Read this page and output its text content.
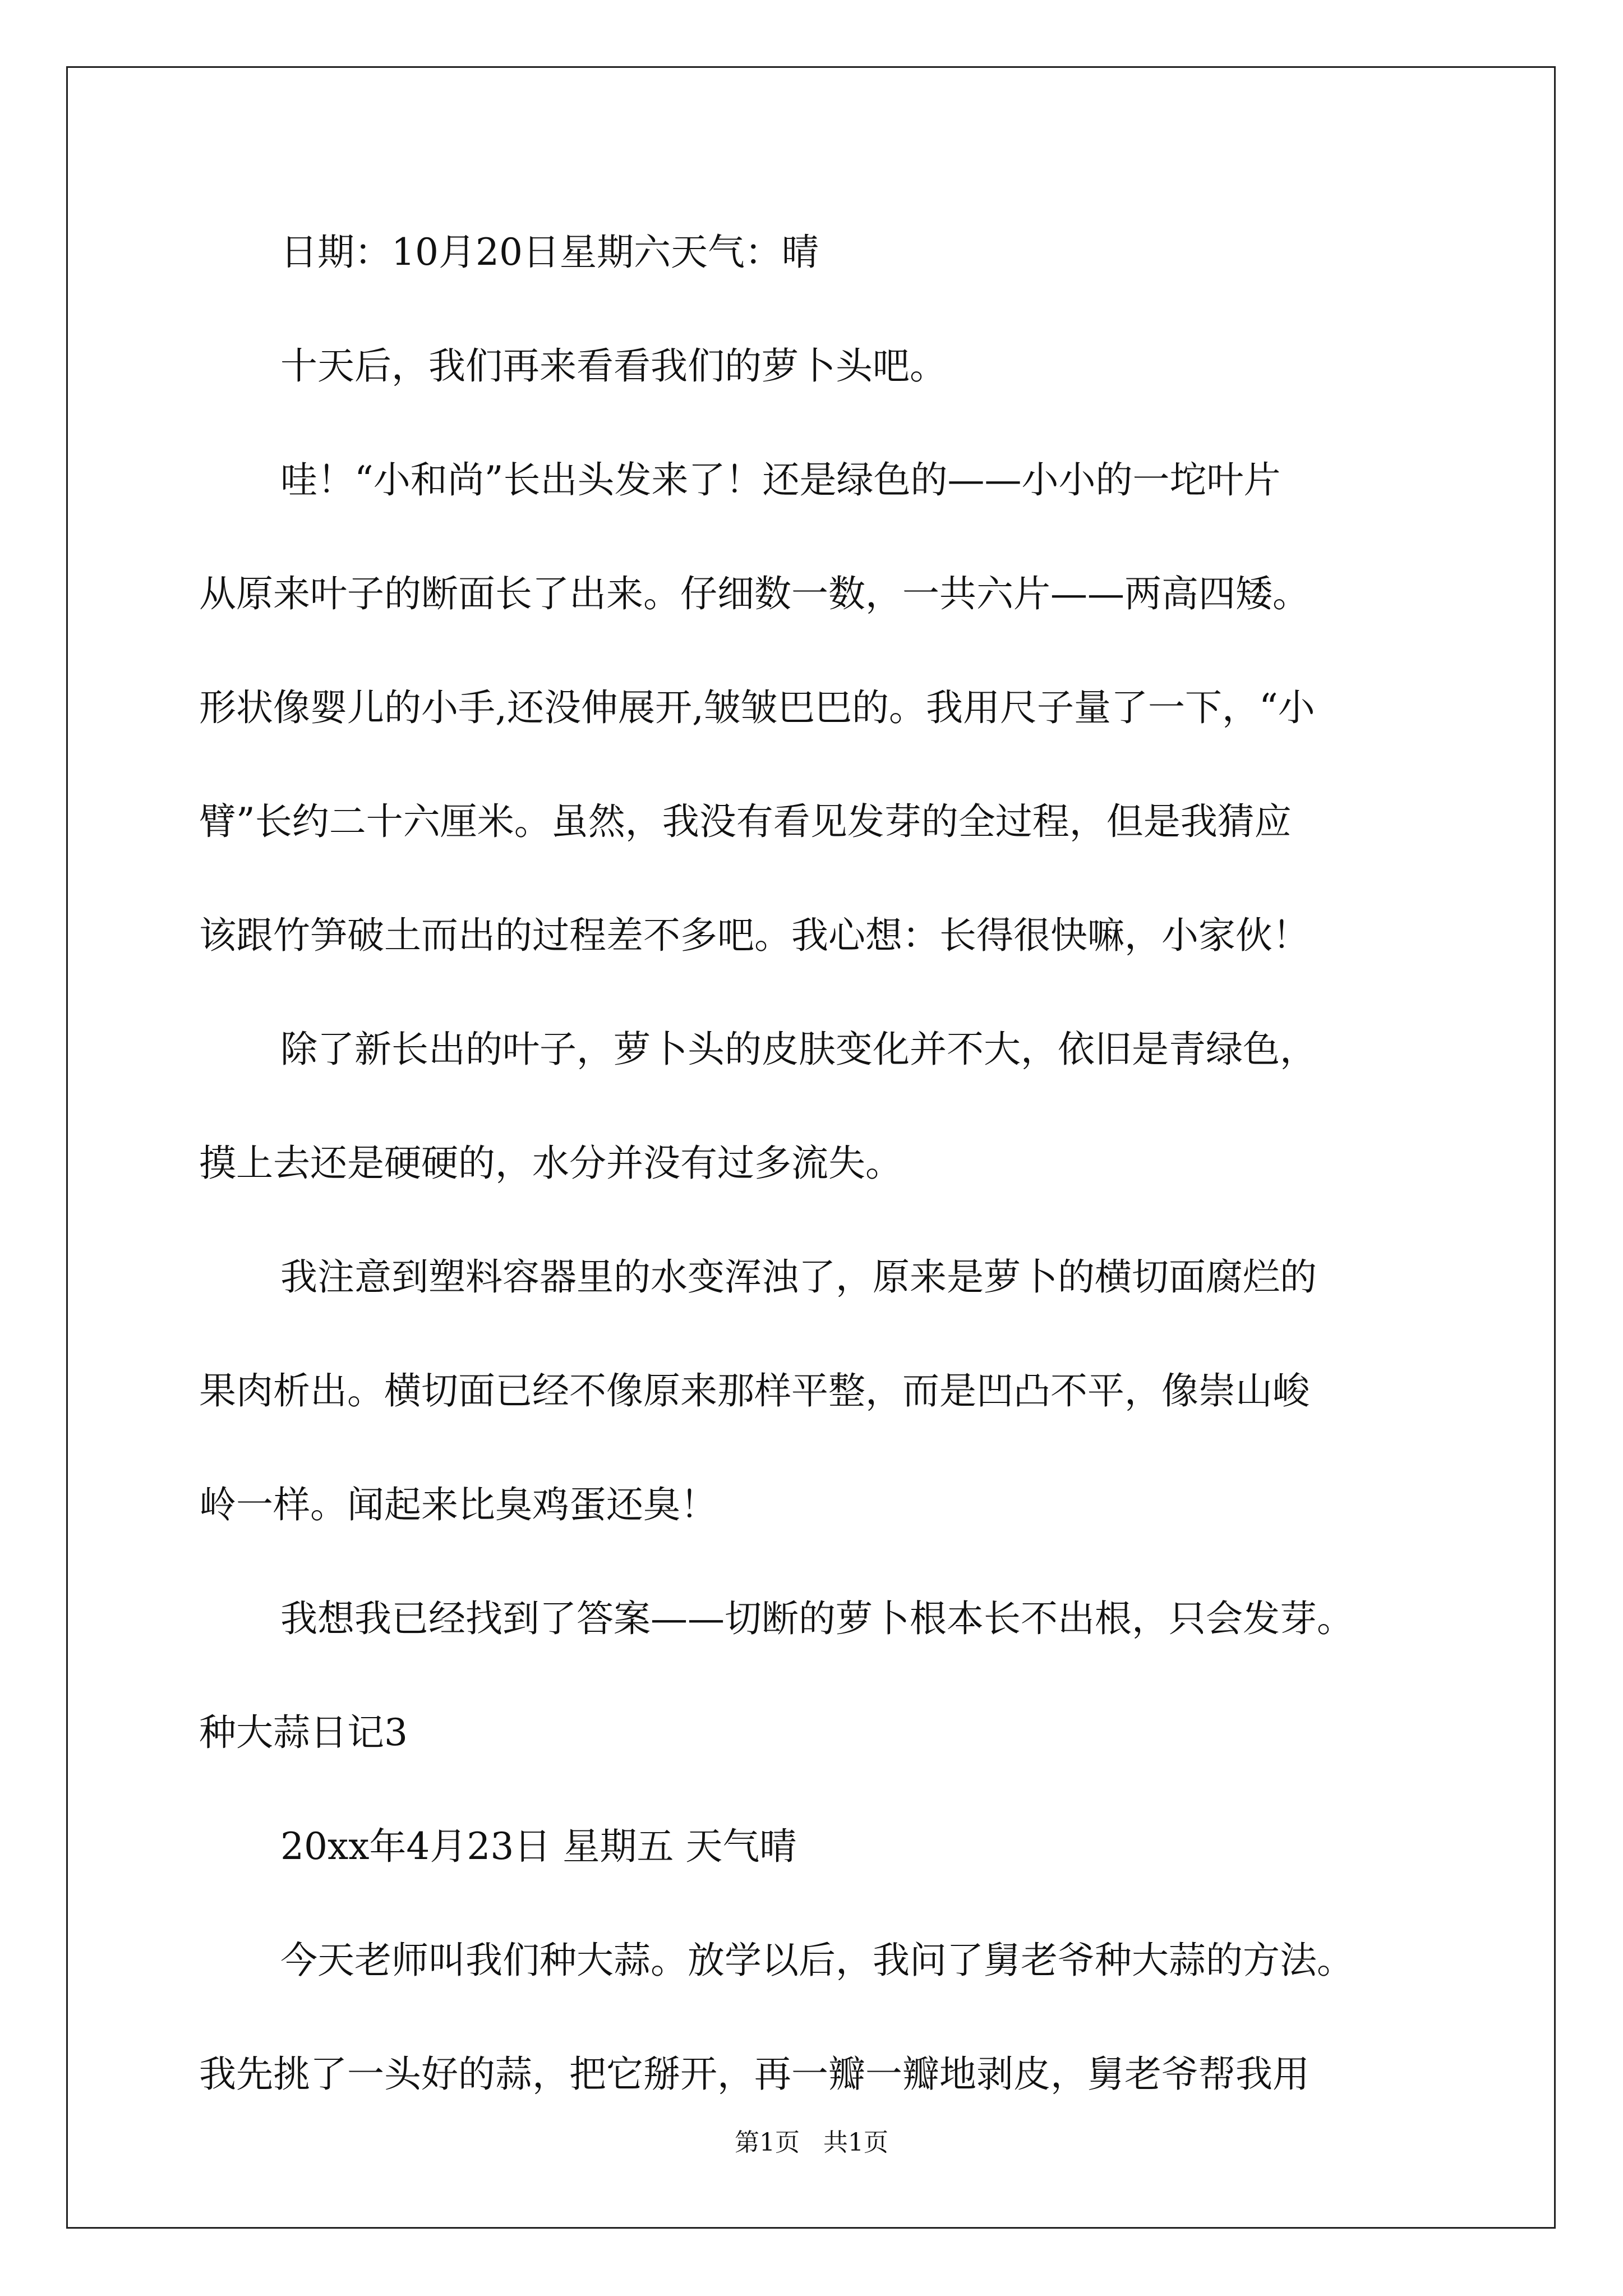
日期：10月20日星期六天气：晴
十天后，我们再来看看我们的萝卜头吧。
哇！“小和尚”长出头发来了！还是绿色的——小小的一坨叶片
从原来叶子的断面长了出来。仔细数一数，一共六片——两高四矮。
形状像婴儿的小手,还没伸展开,皱皱巴巴的。我用尺子量了一下，“小
臂”长约二十六厘米。虽然，我没有看见发芽的全过程，但是我猜应
该跟竹笋破土而出的过程差不多吧。我心想：长得很快嘛，小家伙！
除了新长出的叶子，萝卜头的皮肤变化并不大，依旧是青绿色，
摸上去还是硬硬的，水分并没有过多流失。
我注意到塑料容器里的水变浑浊了，原来是萝卜的横切面腐烂的
果肉析出。横切面已经不像原来那样平整，而是凹凸不平，像崇山峻
岭一样。闻起来比臭鸡蛋还臭！
我想我已经找到了答案——切断的萝卜根本长不出根，只会发芽。
种大蒜日记3
20xx年4月23日 星期五 天气晴
第1页 共1页
今天老师叫我们种大蒜。放学以后，我问了舅老爷种大蒜的方法。
我先挑了一头好的蒜，把它掰开，再一瓣一瓣地剥皮，舅老爷帮我用
